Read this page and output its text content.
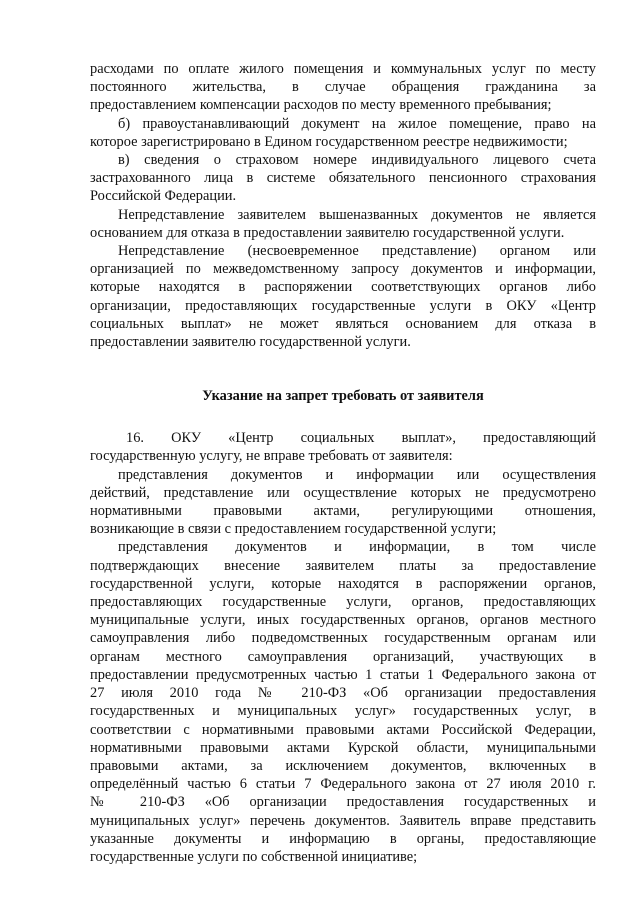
расходами по оплате жилого помещения и коммунальных услуг по месту
постоянного жительства, в случае обращения гражданина за
предоставлением компенсации расходов по месту временного пребывания;
б) правоустанавливающий документ на жилое помещение, право на
которое зарегистрировано в Едином государственном реестре недвижимости;
в) сведения о страховом номере индивидуального лицевого счета
застрахованного лица в системе обязательного пенсионного страхования
Российской Федерации.
Непредставление заявителем вышеназванных документов не является
основанием для отказа в предоставлении заявителю государственной услуги.
Непредставление (несвоевременное представление) органом или
организацией по межведомственному запросу документов и информации,
которые находятся в распоряжении соответствующих органов либо
организации, предоставляющих государственные услуги в ОКУ «Центр
социальных выплат» не может являться основанием для отказа в
предоставлении заявителю государственной услуги.
Указание на запрет требовать от заявителя
16. ОКУ «Центр социальных выплат», предоставляющий
государственную услугу, не вправе требовать от заявителя:
представления документов и информации или осуществления
действий, представление или осуществление которых не предусмотрено
нормативными правовыми актами, регулирующими отношения,
возникающие в связи с предоставлением государственной услуги;
представления документов и информации, в том числе
подтверждающих внесение заявителем платы за предоставление
государственной услуги, которые находятся в распоряжении органов,
предоставляющих государственные услуги, органов, предоставляющих
муниципальные услуги, иных государственных органов, органов местного
самоуправления либо подведомственных государственным органам или
органам местного самоуправления организаций, участвующих в
предоставлении предусмотренных частью 1 статьи 1 Федерального закона от
27 июля 2010 года № 210-ФЗ «Об организации предоставления
государственных и муниципальных услуг» государственных услуг, в
соответствии с нормативными правовыми актами Российской Федерации,
нормативными правовыми актами Курской области, муниципальными
правовыми актами, за исключением документов, включенных в
определённый частью 6 статьи 7 Федерального закона от 27 июля 2010 г.
№ 210-ФЗ «Об организации предоставления государственных и
муниципальных услуг» перечень документов. Заявитель вправе представить
указанные документы и информацию в органы, предоставляющие
государственные услуги по собственной инициативе;
